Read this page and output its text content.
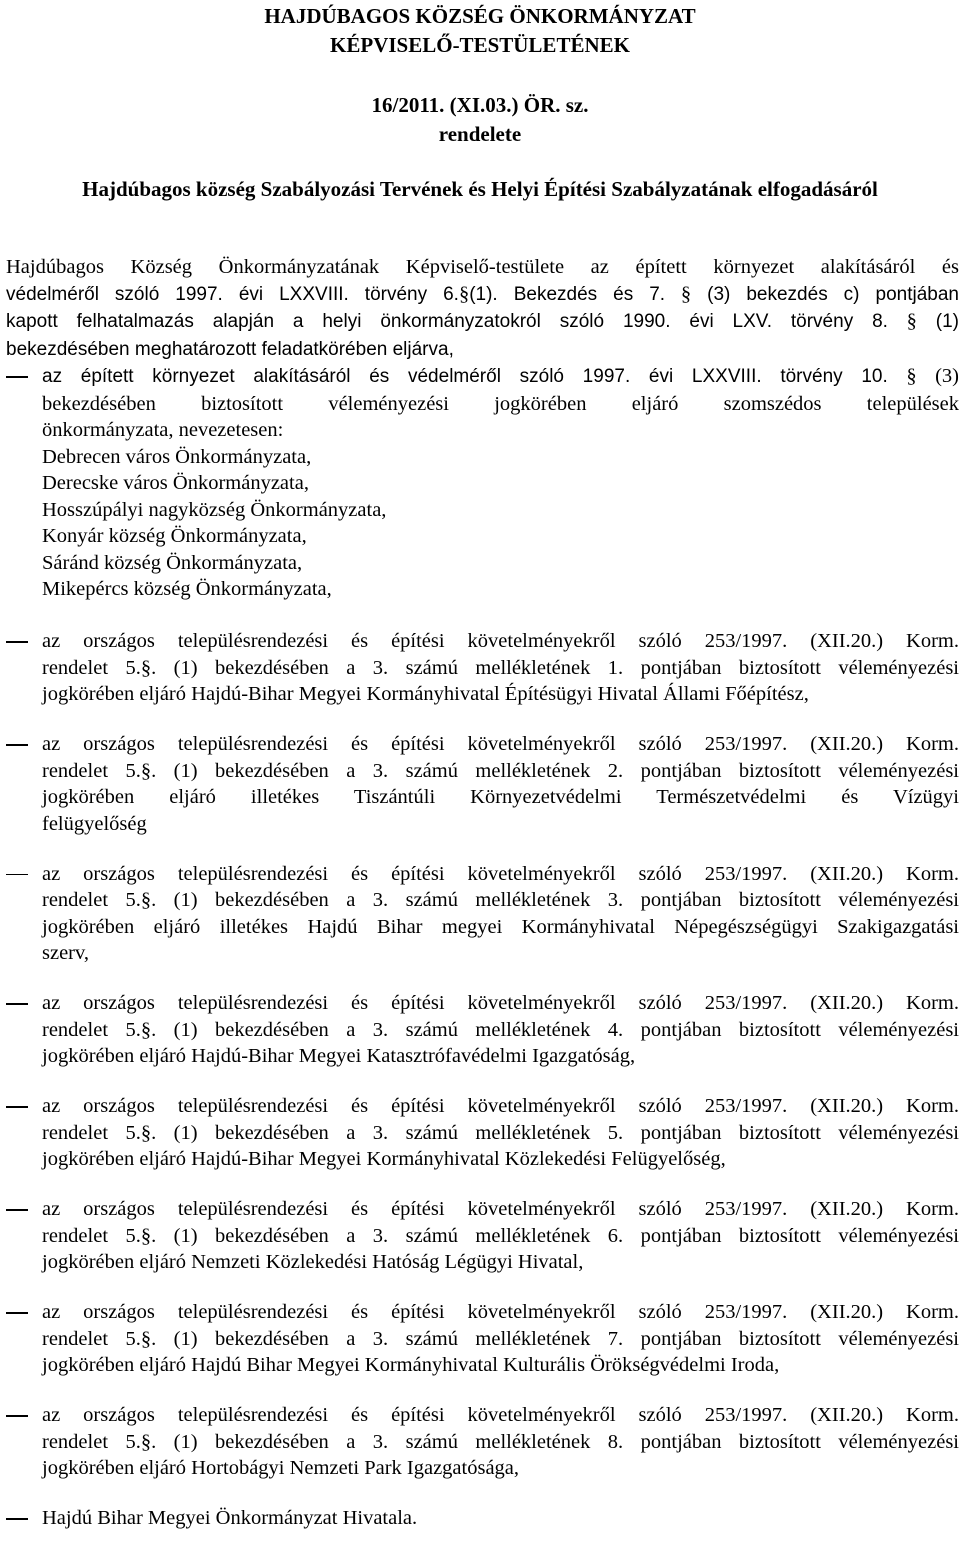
HAJDÚBAGOS KÖZSÉG ÖNKORMÁNYZAT
KÉPVISELŐ-TESTÜLETÉNEK
16/2011. (XI.03.) ÖR. sz.
rendelete
Hajdúbagos község Szabályozási Tervének és Helyi Építési Szabályzatának elfogadásáról
Hajdúbagos Község Önkormányzatának Képviselő-testülete az épített környezet alakításáról és
védelméről szóló 1997. évi LXXVIII. törvény 6.§(1). Bekezdés és 7. § (3) bekezdés c) pontjában
kapott felhatalmazás alapján a helyi önkormányzatokról szóló 1990. évi LXV. törvény 8. § (1)
bekezdésében meghatározott feladatkörében eljárva,
az épített környezet alakításáról és védelméről szóló 1997. évi LXXVIII. törvény 10. § (3)
bekezdésében biztosított véleményezési jogkörében eljáró szomszédos települések
önkormányzata, nevezetesen:
Debrecen város Önkormányzata,
Derecske város Önkormányzata,
Hosszúpályi nagyközség Önkormányzata,
Konyár község Önkormányzata,
Sáránd község Önkormányzata,
Mikepércs község Önkormányzata,
az országos településrendezési és építési követelményekről szóló 253/1997. (XII.20.) Korm.
rendelet 5.§. (1) bekezdésében a 3. számú mellékletének 1. pontjában biztosított véleményezési
jogkörében eljáró Hajdú-Bihar Megyei Kormányhivatal Építésügyi Hivatal Állami Főépítész,
az országos településrendezési és építési követelményekről szóló 253/1997. (XII.20.) Korm.
rendelet 5.§. (1) bekezdésében a 3. számú mellékletének 2. pontjában biztosított véleményezési
jogkörében eljáró illetékes Tiszántúli Környezetvédelmi Természetvédelmi és Vízügyi
felügyelőség
az országos településrendezési és építési követelményekről szóló 253/1997. (XII.20.) Korm.
rendelet 5.§. (1) bekezdésében a 3. számú mellékletének 3. pontjában biztosított véleményezési
jogkörében eljáró illetékes Hajdú Bihar megyei Kormányhivatal Népegészségügyi Szakigazgatási
szerv,
az országos településrendezési és építési követelményekről szóló 253/1997. (XII.20.) Korm.
rendelet 5.§. (1) bekezdésében a 3. számú mellékletének 4. pontjában biztosított véleményezési
jogkörében eljáró Hajdú-Bihar Megyei Katasztrófavédelmi Igazgatóság,
az országos településrendezési és építési követelményekről szóló 253/1997. (XII.20.) Korm.
rendelet 5.§. (1) bekezdésében a 3. számú mellékletének 5. pontjában biztosított véleményezési
jogkörében eljáró Hajdú-Bihar Megyei Kormányhivatal Közlekedési Felügyelőség,
az országos településrendezési és építési követelményekről szóló 253/1997. (XII.20.) Korm.
rendelet 5.§. (1) bekezdésében a 3. számú mellékletének 6. pontjában biztosított véleményezési
jogkörében eljáró Nemzeti Közlekedési Hatóság Légügyi Hivatal,
az országos településrendezési és építési követelményekről szóló 253/1997. (XII.20.) Korm.
rendelet 5.§. (1) bekezdésében a 3. számú mellékletének 7. pontjában biztosított véleményezési
jogkörében eljáró Hajdú Bihar Megyei Kormányhivatal Kulturális Örökségvédelmi Iroda,
az országos településrendezési és építési követelményekről szóló 253/1997. (XII.20.) Korm.
rendelet 5.§. (1) bekezdésében a 3. számú mellékletének 8. pontjában biztosított véleményezési
jogkörében eljáró Hortobágyi Nemzeti Park Igazgatósága,
Hajdú Bihar Megyei Önkormányzat Hivatala.
